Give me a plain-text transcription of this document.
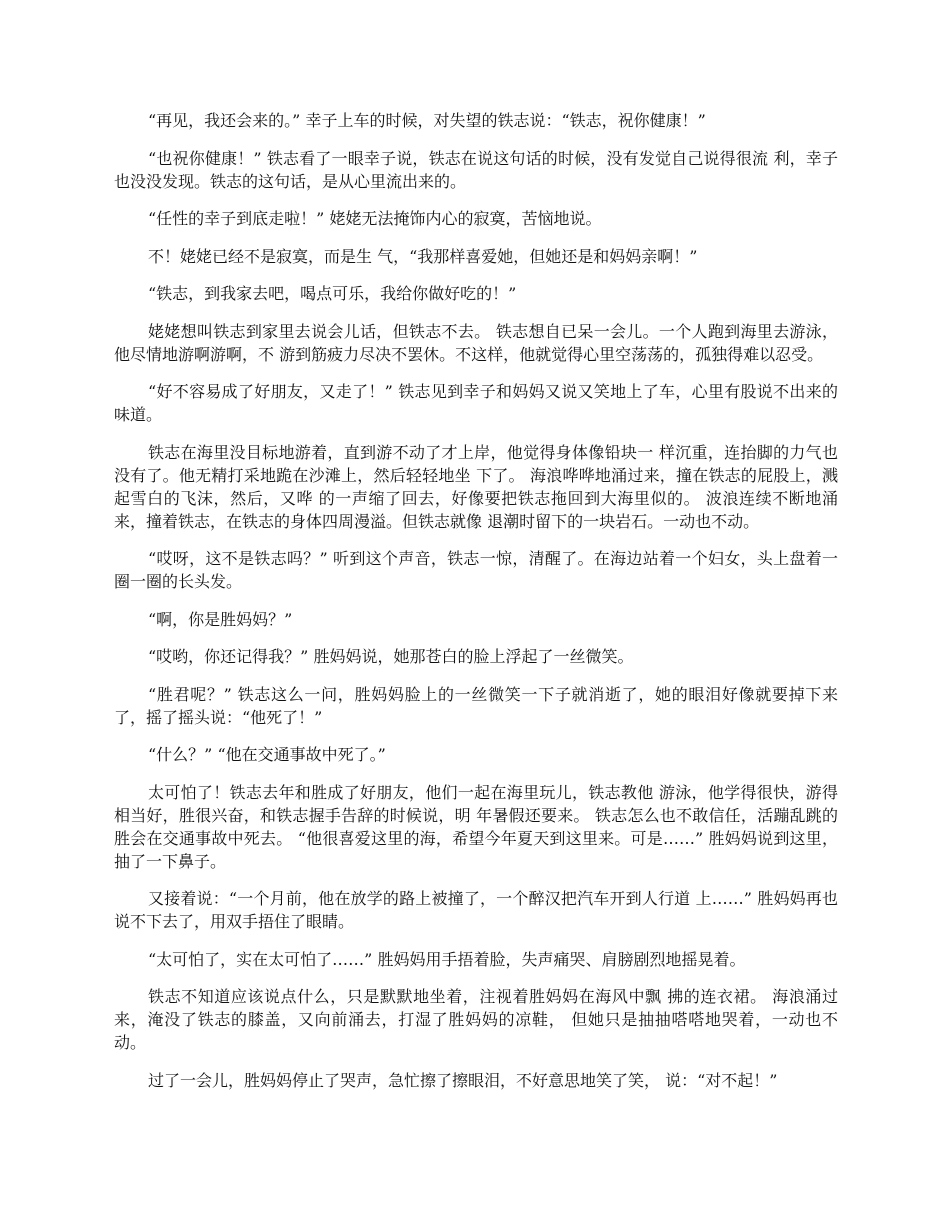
“再见，我还会来的。” 幸子上车的时候，对失望的铁志说：“铁志，祝你健康！”

“也祝你健康！” 铁志看了一眼幸子说，铁志在说这句话的时候，没有发觉自己说得很流 利，幸子也没没发现。铁志的这句话，是从心里流出来的。

“任性的幸子到底走啦！” 姥姥无法掩饰内心的寂寞，苦恼地说。

不！姥姥已经不是寂寞，而是生 气，“我那样喜爱她，但她还是和妈妈亲啊！”

“铁志，到我家去吧，喝点可乐，我给你做好吃的！”

姥姥想叫铁志到家里去说会儿话，但铁志不去。 铁志想自已呆一会儿。一个人跑到海里去游泳，他尽情地游啊游啊，不 游到筋疲力尽决不罢休。不这样，他就觉得心里空荡荡的，孤独得难以忍受。

“好不容易成了好朋友，又走了！” 铁志见到幸子和妈妈又说又笑地上了车，心里有股说不出来的味道。

铁志在海里没目标地游着，直到游不动了才上岸，他觉得身体像铅块一 样沉重，连抬脚的力气也没有了。他无精打采地跪在沙滩上，然后轻轻地坐 下了。 海浪哗哗地涌过来，撞在铁志的屁股上，溅起雪白的飞沫，然后，又哗 的一声缩了回去，好像要把铁志拖回到大海里似的。 波浪连续不断地涌来，撞着铁志，在铁志的身体四周漫溢。但铁志就像 退潮时留下的一块岩石。一动也不动。

“哎呀，这不是铁志吗？” 听到这个声音，铁志一惊，清醒了。在海边站着一个妇女，头上盘着一 圈一圈的长头发。

“啊，你是胜妈妈？”

“哎哟，你还记得我？” 胜妈妈说，她那苍白的脸上浮起了一丝微笑。

“胜君呢？” 铁志这么一问，胜妈妈脸上的一丝微笑一下子就消逝了，她的眼泪好像就要掉下来了，摇了摇头说：“他死了！”

“什么？” “他在交通事故中死了。”

太可怕了！铁志去年和胜成了好朋友，他们一起在海里玩儿，铁志教他 游泳，他学得很快，游得相当好，胜很兴奋，和铁志握手告辞的时候说，明 年暑假还要来。 铁志怎么也不敢信任，活蹦乱跳的胜会在交通事故中死去。 “他很喜爱这里的海，希望今年夏天到这里来。可是……” 胜妈妈说到这里，抽了一下鼻子。

又接着说：“一个月前，他在放学的路上被撞了，一个醉汉把汽车开到人行道 上……” 胜妈妈再也说不下去了，用双手捂住了眼睛。

“太可怕了，实在太可怕了……” 胜妈妈用手捂着脸，失声痛哭、肩膀剧烈地摇晃着。

铁志不知道应该说点什么，只是默默地坐着，注视着胜妈妈在海风中飘 拂的连衣裙。 海浪涌过来，淹没了铁志的膝盖，又向前涌去，打湿了胜妈妈的凉鞋， 但她只是抽抽嗒嗒地哭着，一动也不动。

过了一会儿，胜妈妈停止了哭声，急忙擦了擦眼泪，不好意思地笑了笑， 说：“对不起！”
